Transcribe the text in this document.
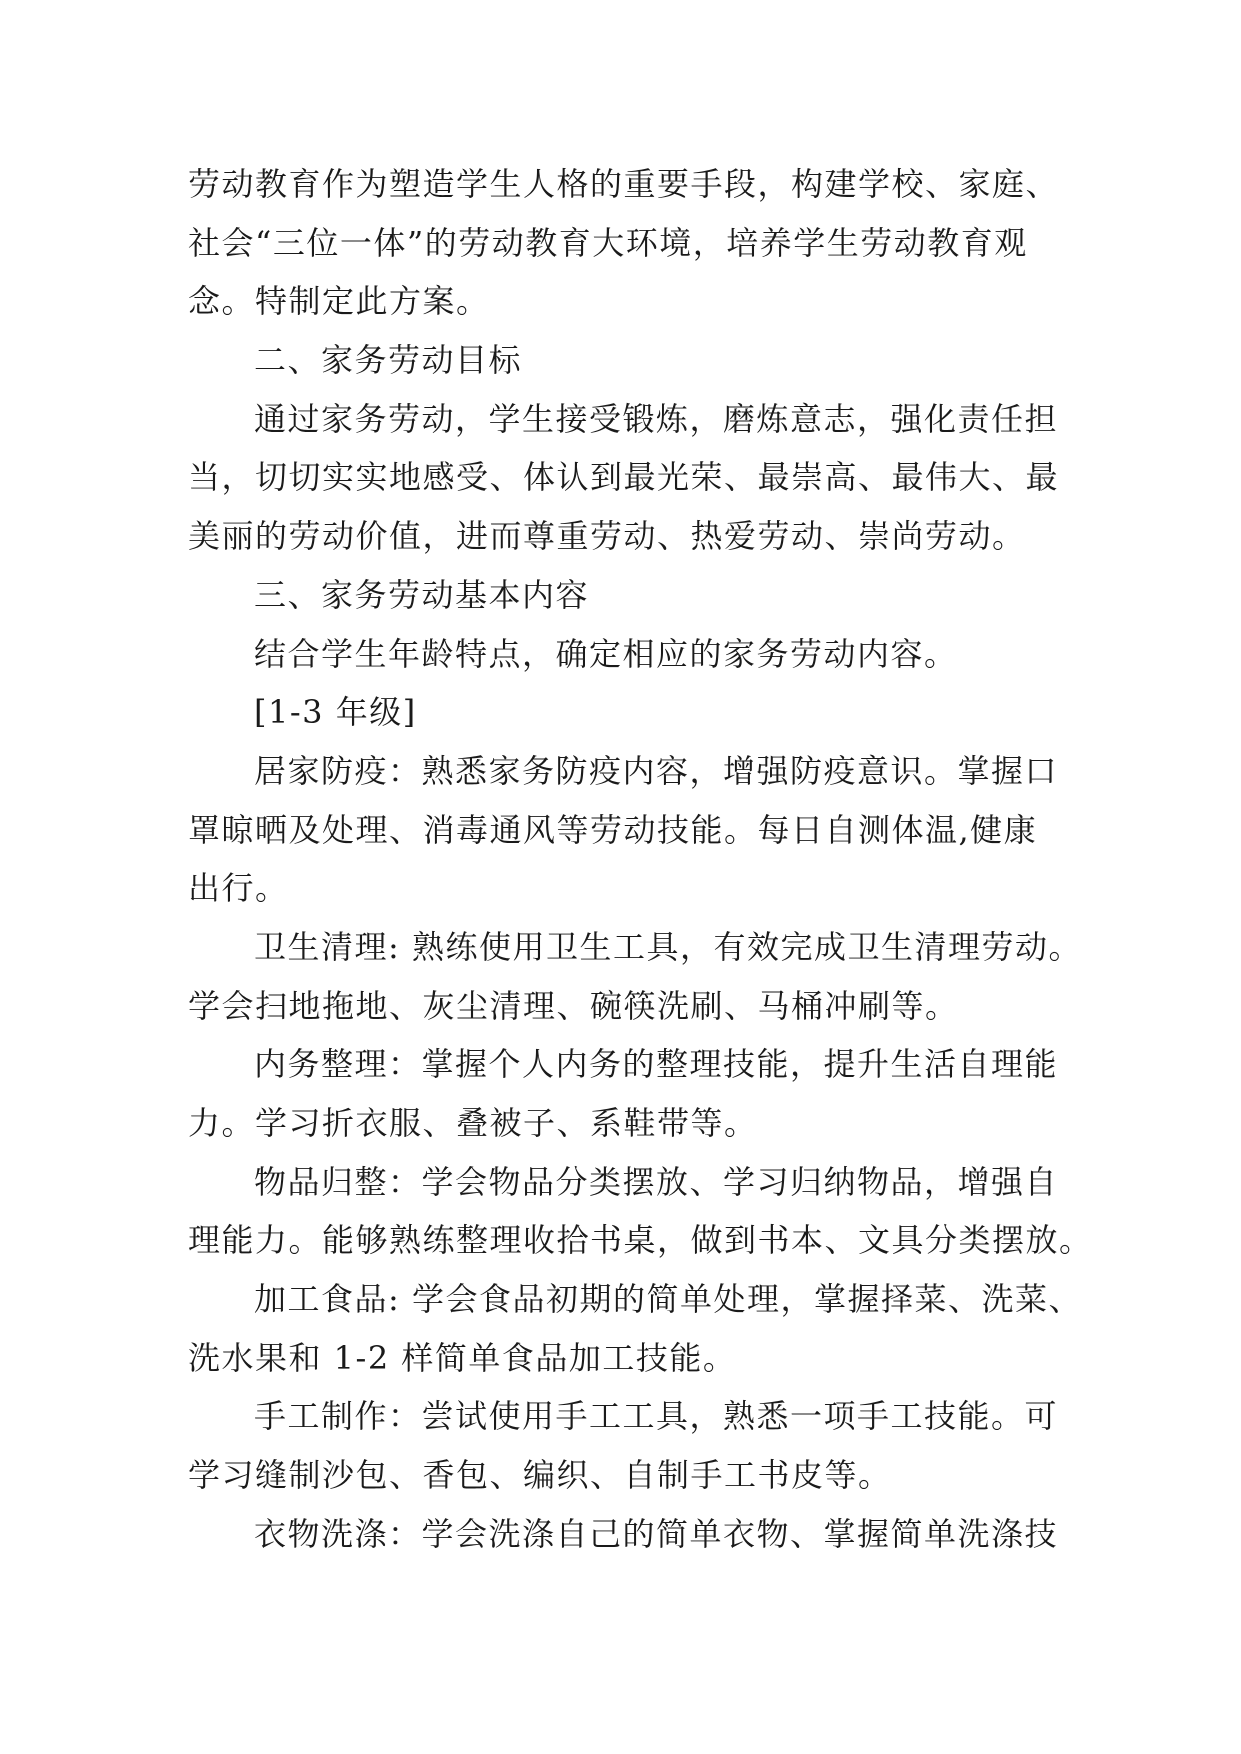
劳动教育作为塑造学生人格的重要手段，构建学校、家庭、
社会“三位一体”的劳动教育大环境，培养学生劳动教育观
念。特制定此方案。
二、家务劳动目标
通过家务劳动，学生接受锻炼，磨炼意志，强化责任担
当，切切实实地感受、体认到最光荣、最崇高、最伟大、最
美丽的劳动价值，进而尊重劳动、热爱劳动、崇尚劳动。
三、家务劳动基本内容
结合学生年龄特点，确定相应的家务劳动内容。
[1-3 年级]
居家防疫：熟悉家务防疫内容，增强防疫意识。掌握口
罩晾晒及处理、消毒通风等劳动技能。每日自测体温,健康
出行。
卫生清理: 熟练使用卫生工具，有效完成卫生清理劳动。
学会扫地拖地、灰尘清理、碗筷洗刷、马桶冲刷等。
内务整理：掌握个人内务的整理技能，提升生活自理能
力。学习折衣服、叠被子、系鞋带等。
物品归整：学会物品分类摆放、学习归纳物品，增强自
理能力。能够熟练整理收拾书桌，做到书本、文具分类摆放。
加工食品: 学会食品初期的简单处理，掌握择菜、洗菜、
洗水果和 1-2 样简单食品加工技能。
手工制作：尝试使用手工工具，熟悉一项手工技能。可
学习缝制沙包、香包、编织、自制手工书皮等。
衣物洗涤：学会洗涤自己的简单衣物、掌握简单洗涤技
